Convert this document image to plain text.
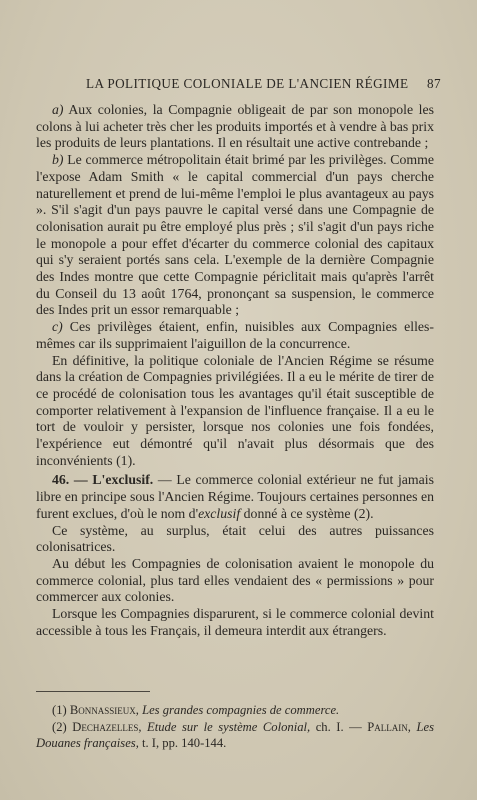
LA POLITIQUE COLONIALE DE L'ANCIEN RÉGIME 87

a) Aux colonies, la Compagnie obligeait de par son monopole les colons à lui acheter très cher les produits importés et à vendre à bas prix les produits de leurs plantations. Il en résultait une active contrebande ;

b) Le commerce métropolitain était brimé par les privilèges. Comme l'expose Adam Smith « le capital commercial d'un pays cherche naturellement et prend de lui-même l'emploi le plus avantageux au pays ». S'il s'agit d'un pays pauvre le capital versé dans une Compagnie de colonisation aurait pu être employé plus près ; s'il s'agit d'un pays riche le monopole a pour effet d'écarter du commerce colonial des capitaux qui s'y seraient portés sans cela. L'exemple de la dernière Compagnie des Indes montre que cette Compagnie périclitait mais qu'après l'arrêt du Conseil du 13 août 1764, prononçant sa suspension, le commerce des Indes prit un essor remarquable ;

c) Ces privilèges étaient, enfin, nuisibles aux Compagnies elles-mêmes car ils supprimaient l'aiguillon de la concurrence.

En définitive, la politique coloniale de l'Ancien Régime se résume dans la création de Compagnies privilégiées. Il a eu le mérite de tirer de ce procédé de colonisation tous les avantages qu'il était susceptible de comporter relativement à l'expansion de l'influence française. Il a eu le tort de vouloir y persister, lorsque nos colonies une fois fondées, l'expérience eut démontré qu'il n'avait plus désormais que des inconvénients (1).

46. — L'exclusif. — Le commerce colonial extérieur ne fut jamais libre en principe sous l'Ancien Régime. Toujours certaines personnes en furent exclues, d'où le nom d'exclusif donné à ce système (2).

Ce système, au surplus, était celui des autres puissances colonisatrices.

Au début les Compagnies de colonisation avaient le monopole du commerce colonial, plus tard elles vendaient des « permissions » pour commercer aux colonies.

Lorsque les Compagnies disparurent, si le commerce colonial devint accessible à tous les Français, il demeura interdit aux étrangers.

(1) Bonnassieux, Les grandes compagnies de commerce.

(2) Dechazelles, Etude sur le système Colonial, ch. I. — Pallain, Les Douanes françaises, t. I, pp. 140-144.
